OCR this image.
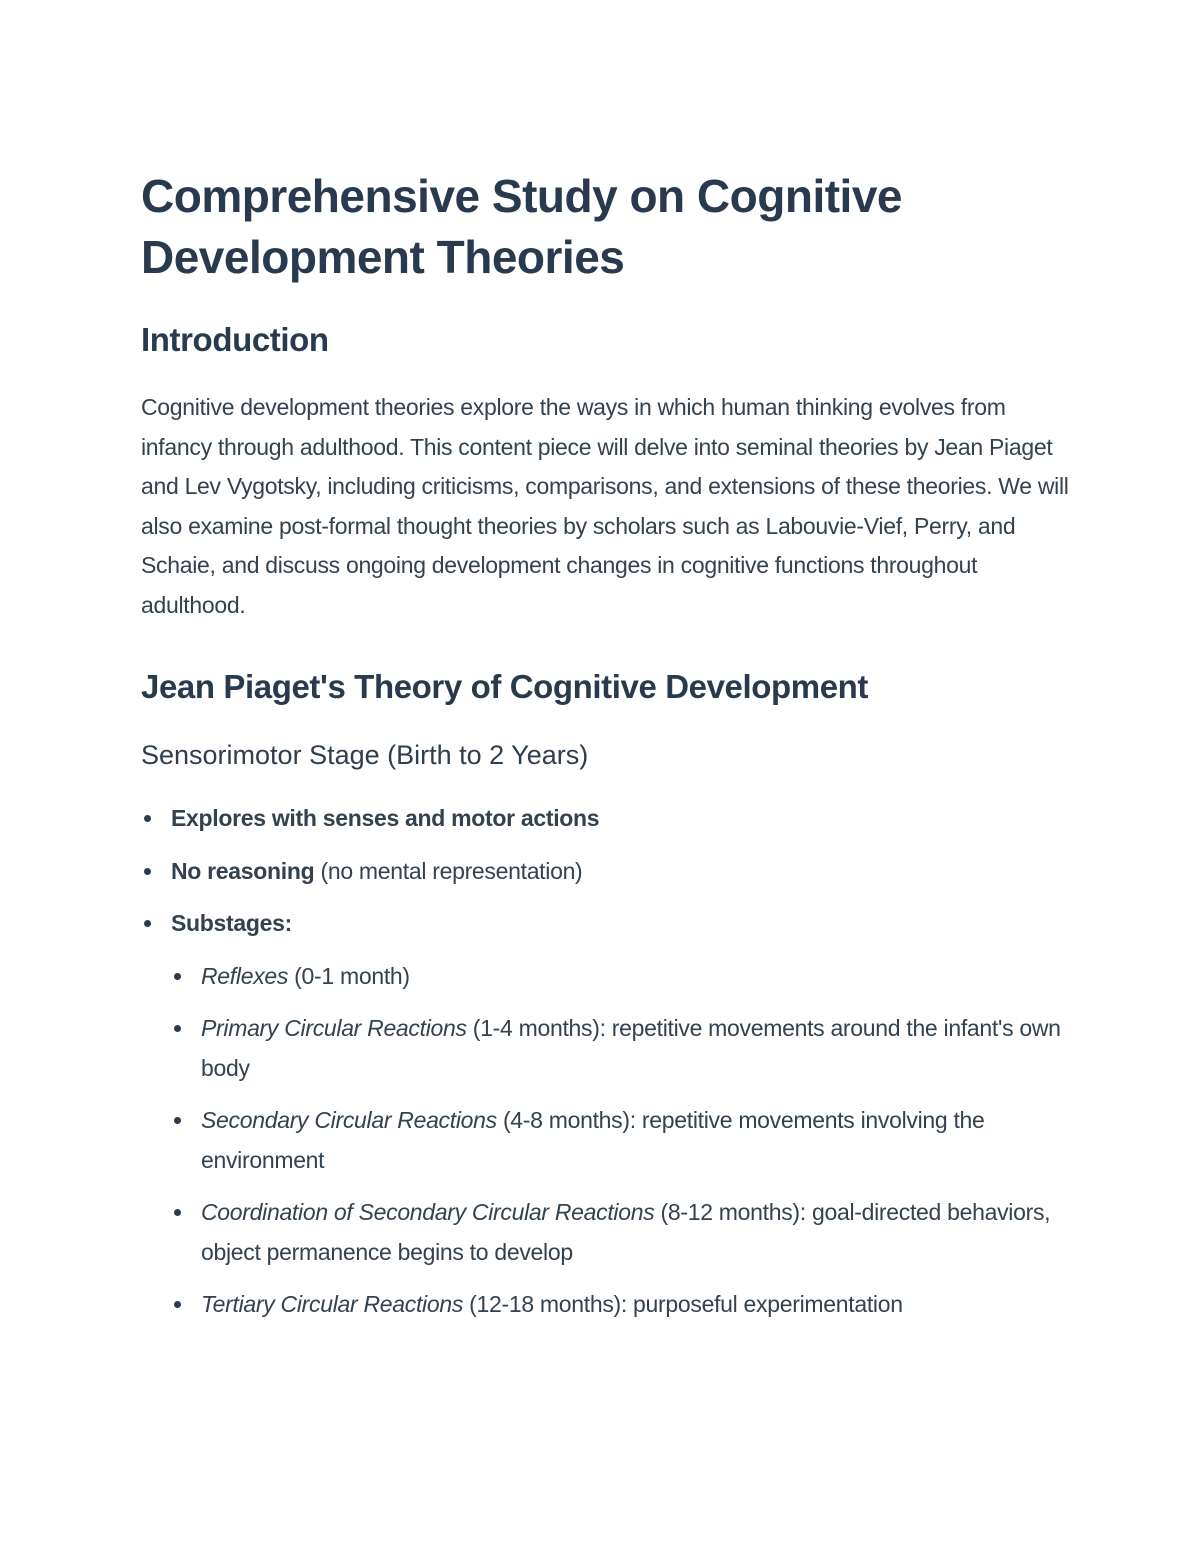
Comprehensive Study on Cognitive Development Theories
Introduction

Cognitive development theories explore the ways in which human thinking evolves from infancy through adulthood. This content piece will delve into seminal theories by Jean Piaget and Lev Vygotsky, including criticisms, comparisons, and extensions of these theories. We will also examine post-formal thought theories by scholars such as Labouvie-Vief, Perry, and Schaie, and discuss ongoing development changes in cognitive functions throughout adulthood.

Jean Piaget's Theory of Cognitive Development
Sensorimotor Stage (Birth to 2 Years)
Explores with senses and motor actions
No reasoning (no mental representation)
Substages:
Reflexes (0-1 month)
Primary Circular Reactions (1-4 months): repetitive movements around the infant's own body
Secondary Circular Reactions (4-8 months): repetitive movements involving the environment
Coordination of Secondary Circular Reactions (8-12 months): goal-directed behaviors, object permanence begins to develop
Tertiary Circular Reactions (12-18 months): purposeful experimentation
